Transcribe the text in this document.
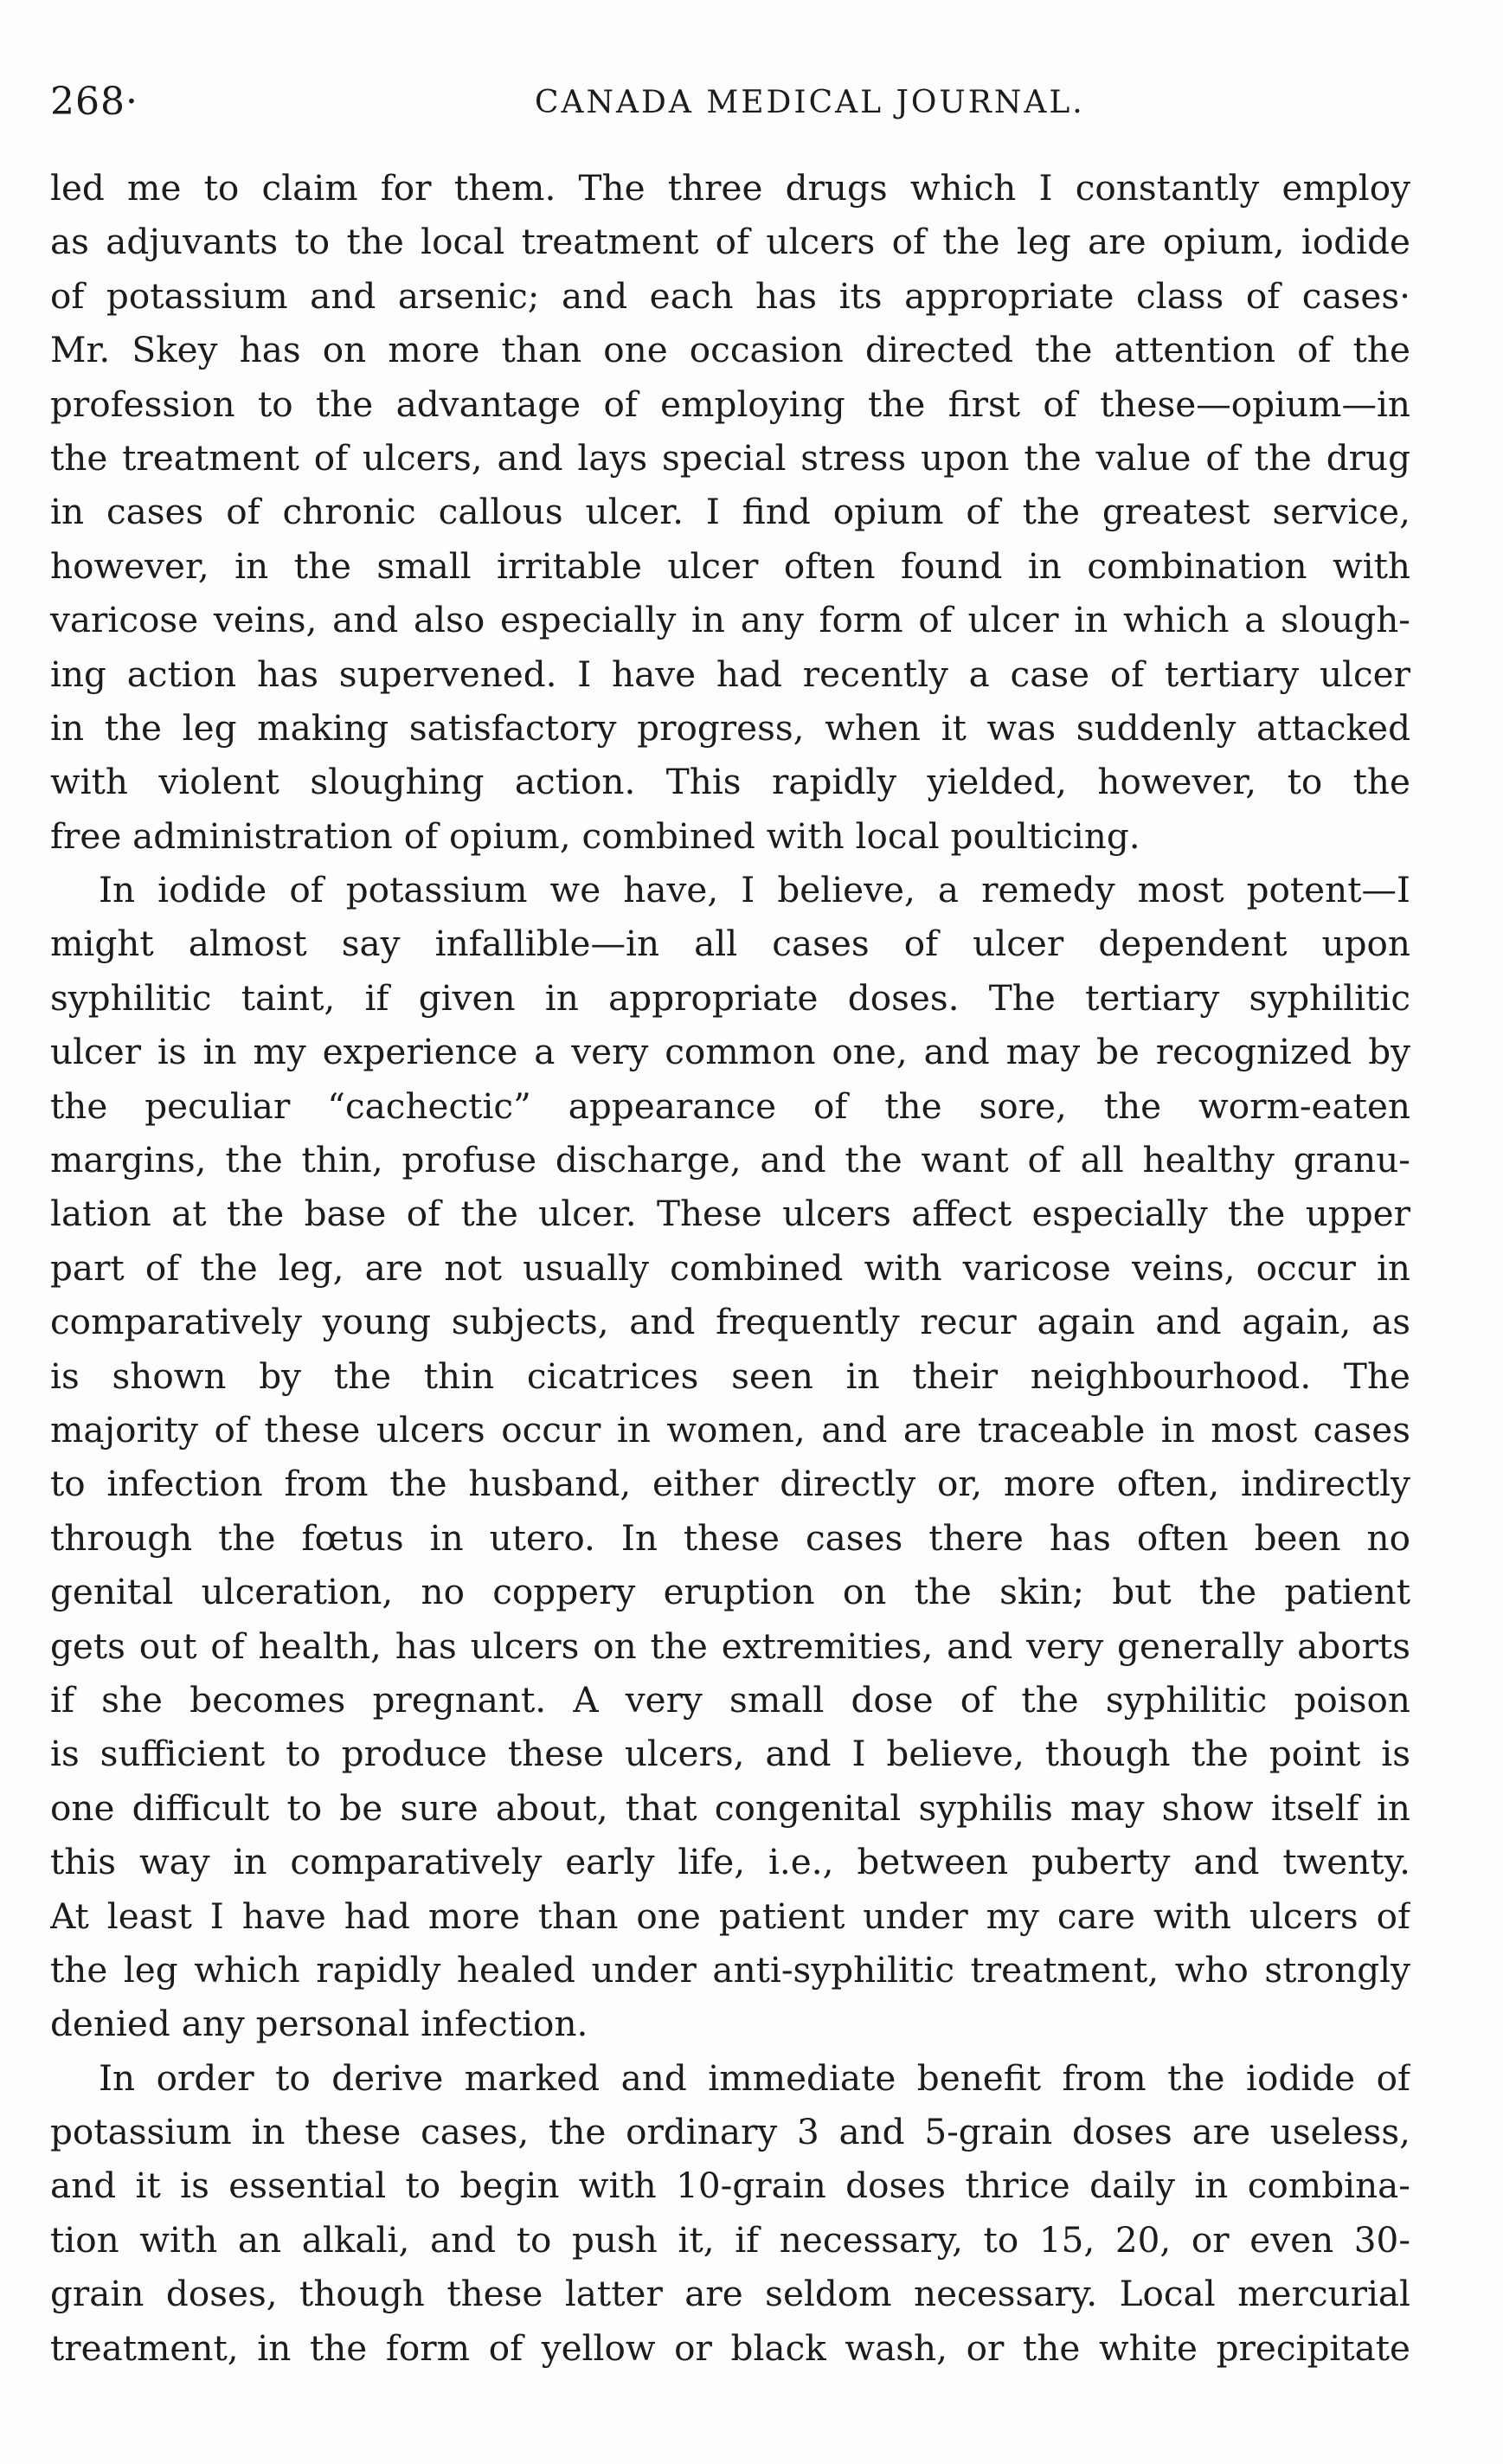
268·	CANADA MEDICAL JOURNAL.
led me to claim for them. The three drugs which I constantly employ
as adjuvants to the local treatment of ulcers of the leg are opium, iodide
of potassium and arsenic; and each has its appropriate class of cases·
Mr. Skey has on more than one occasion directed the attention of the
profession to the advantage of employing the first of these—opium—in
the treatment of ulcers, and lays special stress upon the value of the drug
in cases of chronic callous ulcer. I find opium of the greatest service,
however, in the small irritable ulcer often found in combination with
varicose veins, and also especially in any form of ulcer in which a slough-
ing action has supervened. I have had recently a case of tertiary ulcer
in the leg making satisfactory progress, when it was suddenly attacked
with violent sloughing action. This rapidly yielded, however, to the
free administration of opium, combined with local poulticing.
In iodide of potassium we have, I believe, a remedy most potent—I
might almost say infallible—in all cases of ulcer dependent upon
syphilitic taint, if given in appropriate doses. The tertiary syphilitic
ulcer is in my experience a very common one, and may be recognized by
the peculiar “cachectic” appearance of the sore, the worm-eaten
margins, the thin, profuse discharge, and the want of all healthy granu-
lation at the base of the ulcer. These ulcers affect especially the upper
part of the leg, are not usually combined with varicose veins, occur in
comparatively young subjects, and frequently recur again and again, as
is shown by the thin cicatrices seen in their neighbourhood. The
majority of these ulcers occur in women, and are traceable in most cases
to infection from the husband, either directly or, more often, indirectly
through the fœtus in utero. In these cases there has often been no
genital ulceration, no coppery eruption on the skin; but the patient
gets out of health, has ulcers on the extremities, and very generally aborts
if she becomes pregnant. A very small dose of the syphilitic poison
is sufficient to produce these ulcers, and I believe, though the point is
one difficult to be sure about, that congenital syphilis may show itself in
this way in comparatively early life, i.e., between puberty and twenty.
At least I have had more than one patient under my care with ulcers of
the leg which rapidly healed under anti-syphilitic treatment, who strongly
denied any personal infection.
In order to derive marked and immediate benefit from the iodide of
potassium in these cases, the ordinary 3 and 5-grain doses are useless,
and it is essential to begin with 10-grain doses thrice daily in combina-
tion with an alkali, and to push it, if necessary, to 15, 20, or even 30-
grain doses, though these latter are seldom necessary. Local mercurial
treatment, in the form of yellow or black wash, or the white precipitate
